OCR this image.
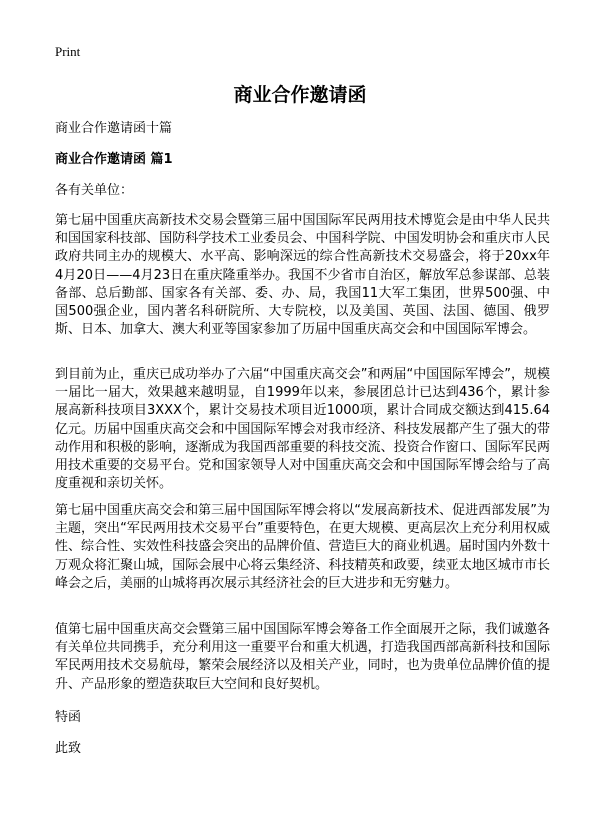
Print
商业合作邀请函
商业合作邀请函十篇
商业合作邀请函 篇1
各有关单位：
第七届中国重庆高新技术交易会暨第三届中国国际军民两用技术博览会是由中华人民共和国国家科技部、国防科学技术工业委员会、中国科学院、中国发明协会和重庆市人民政府共同主办的规模大、水平高、影响深远的综合性高新技术交易盛会，将于20xx年4月20日——4月23日在重庆隆重举办。我国不少省市自治区，解放军总参谋部、总装备部、总后勤部、国家各有关部、委、办、局，我国11大军工集团，世界500强、中国500强企业，国内著名科研院所、大专院校，以及美国、英国、法国、德国、俄罗斯、日本、加拿大、澳大利亚等国家参加了历届中国重庆高交会和中国国际军博会。
到目前为止，重庆已成功举办了六届“中国重庆高交会”和两届“中国国际军博会”，规模一届比一届大，效果越来越明显，自1999年以来，参展团总计已达到436个，累计参展高新科技项目3XXX个，累计交易技术项目近1000项，累计合同成交额达到415.64亿元。历届中国重庆高交会和中国国际军博会对我市经济、科技发展都产生了强大的带动作用和积极的影响，逐渐成为我国西部重要的科技交流、投资合作窗口、国际军民两用技术重要的交易平台。党和国家领导人对中国重庆高交会和中国国际军博会给与了高度重视和亲切关怀。
第七届中国重庆高交会和第三届中国国际军博会将以“发展高新技术、促进西部发展”为主题，突出“军民两用技术交易平台”重要特色，在更大规模、更高层次上充分利用权威性、综合性、实效性科技盛会突出的品牌价值、营造巨大的商业机遇。届时国内外数十万观众将汇聚山城，国际会展中心将云集经济、科技精英和政要，续亚太地区城市市长峰会之后，美丽的山城将再次展示其经济社会的巨大进步和无穷魅力。
值第七届中国重庆高交会暨第三届中国国际军博会筹备工作全面展开之际，我们诚邀各有关单位共同携手，充分利用这一重要平台和重大机遇，打造我国西部高新科技和国际军民两用技术交易航母，繁荣会展经济以及相关产业，同时，也为贵单位品牌价值的提升、产品形象的塑造获取巨大空间和良好契机。
特函
此致
